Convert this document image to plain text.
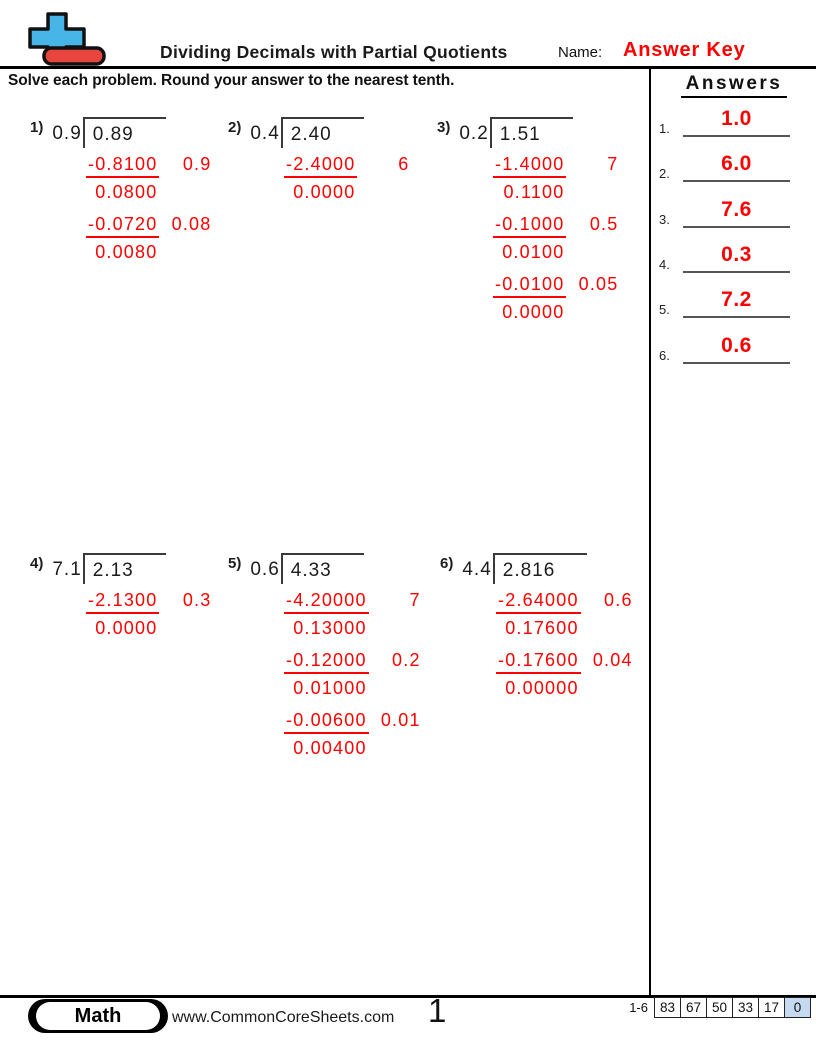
Dividing Decimals with Partial Quotients	Name: Answer Key
Solve each problem. Round your answer to the nearest tenth.
1) 0.9 0.89
-0.8100 0.9
0.0800
-0.0720 0.08
0.0080
2) 0.4 2.40
-2.4000 6
0.0000
3) 0.2 1.51
-1.4000 7
0.1100
-0.1000 0.5
0.0100
-0.0100 0.05
0.0000
4) 7.1 2.13
-2.1300 0.3
0.0000
5) 0.6 4.33
-4.20000 7
0.13000
-0.12000 0.2
0.01000
-0.00600 0.01
0.00400
6) 4.4 2.816
-2.64000 0.6
0.17600
-0.17600 0.04
0.00000
Answers
1.	1.0
2.	6.0
3.	7.6
4.	0.3
5.	7.2
6.	0.6
Math	www.CommonCoreSheets.com 1	1-6 83 67 50 33 17	0
